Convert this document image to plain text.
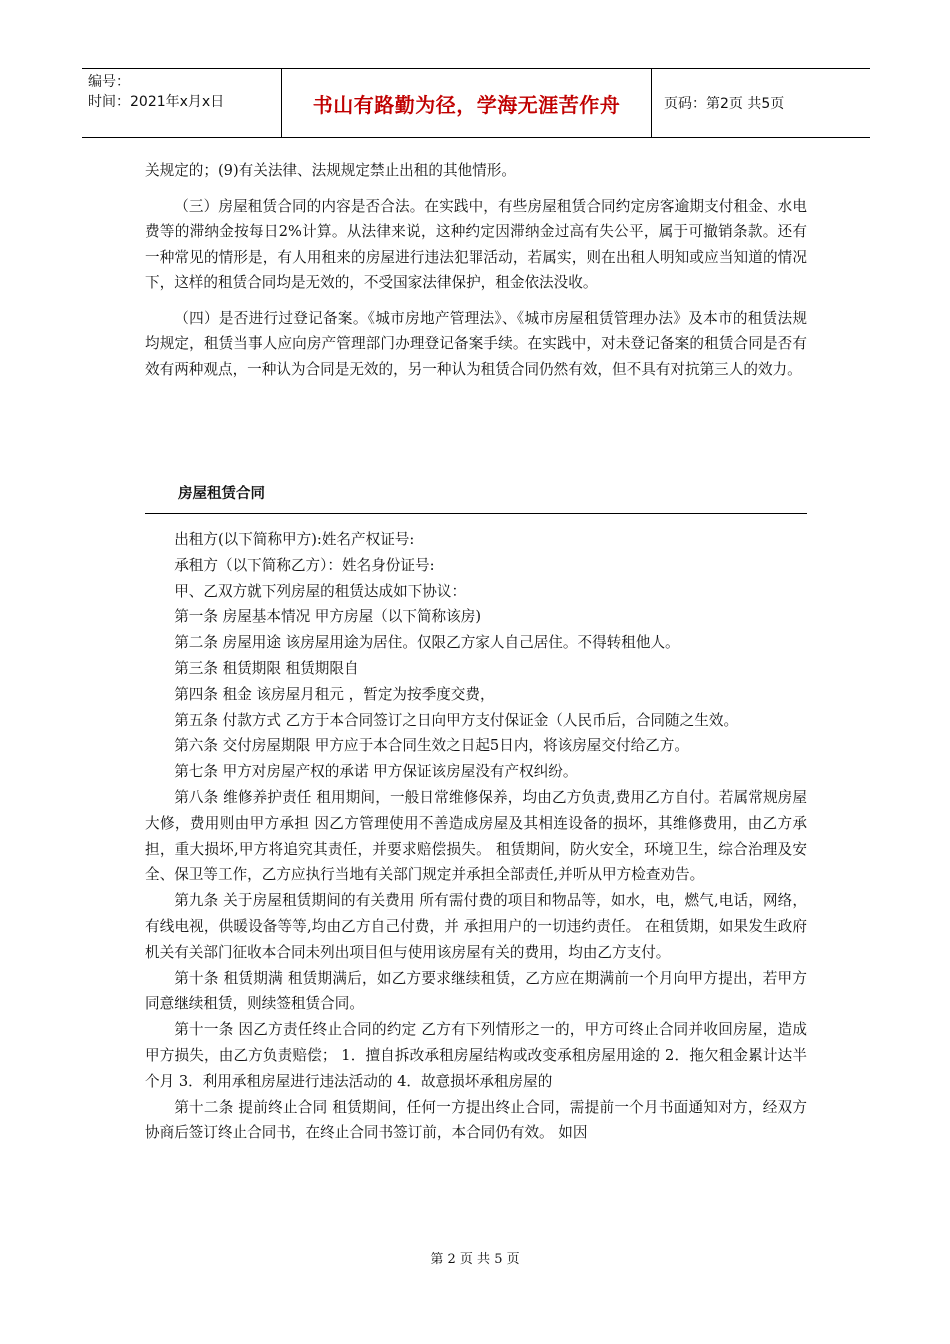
编号：
时间：2021年x月x日	书山有路勤为径，学海无涯苦作舟	页码：第2页 共5页

关规定的；(9)有关法律、法规规定禁止出租的其他情形。

（三）房屋租赁合同的内容是否合法。在实践中，有些房屋租赁合同约定房客逾期支付租金、水电费等的滞纳金按每日2%计算。从法律来说，这种约定因滞纳金过高有失公平，属于可撤销条款。还有一种常见的情形是，有人用租来的房屋进行违法犯罪活动，若属实，则在出租人明知或应当知道的情况下，这样的租赁合同均是无效的，不受国家法律保护，租金依法没收。

（四）是否进行过登记备案。《城市房地产管理法》、《城市房屋租赁管理办法》及本市的租赁法规均规定，租赁当事人应向房产管理部门办理登记备案手续。在实践中，对未登记备案的租赁合同是否有效有两种观点，一种认为合同是无效的，另一种认为租赁合同仍然有效，但不具有对抗第三人的效力。

房屋租赁合同

出租方(以下简称甲方):姓名产权证号:

承租方（以下简称乙方）：姓名身份证号:

甲、乙双方就下列房屋的租赁达成如下协议：

第一条 房屋基本情况 甲方房屋（以下简称该房)

第二条 房屋用途 该房屋用途为居住。仅限乙方家人自己居住。不得转租他人。

第三条 租赁期限 租赁期限自

第四条 租金 该房屋月租元 ，暂定为按季度交费，

第五条 付款方式 乙方于本合同签订之日向甲方支付保证金（人民币后，合同随之生效。

第六条 交付房屋期限 甲方应于本合同生效之日起5日内，将该房屋交付给乙方。

第七条 甲方对房屋产权的承诺 甲方保证该房屋没有产权纠纷。

第八条 维修养护责任 租用期间，一般日常维修保养，均由乙方负责,费用乙方自付。若属常规房屋大修，费用则由甲方承担 因乙方管理使用不善造成房屋及其相连设备的损坏，其维修费用，由乙方承担，重大损坏,甲方将追究其责任，并要求赔偿损失。 租赁期间，防火安全，环境卫生，综合治理及安全、保卫等工作，乙方应执行当地有关部门规定并承担全部责任,并听从甲方检查劝告。

第九条 关于房屋租赁期间的有关费用 所有需付费的项目和物品等，如水，电，燃气,电话，网络，有线电视，供暖设备等等,均由乙方自己付费，并 承担用户的一切违约责任。 在租赁期，如果发生政府机关有关部门征收本合同未列出项目但与使用该房屋有关的费用，均由乙方支付。

第十条 租赁期满 租赁期满后，如乙方要求继续租赁，乙方应在期满前一个月向甲方提出，若甲方同意继续租赁，则续签租赁合同。

第十一条 因乙方责任终止合同的约定 乙方有下列情形之一的，甲方可终止合同并收回房屋，造成甲方损失，由乙方负责赔偿； 1．擅自拆改承租房屋结构或改变承租房屋用途的 2．拖欠租金累计达半个月 3．利用承租房屋进行违法活动的 4．故意损坏承租房屋的

第十二条 提前终止合同 租赁期间，任何一方提出终止合同，需提前一个月书面通知对方，经双方协商后签订终止合同书，在终止合同书签订前，本合同仍有效。 如因

第 2 页 共 5 页
